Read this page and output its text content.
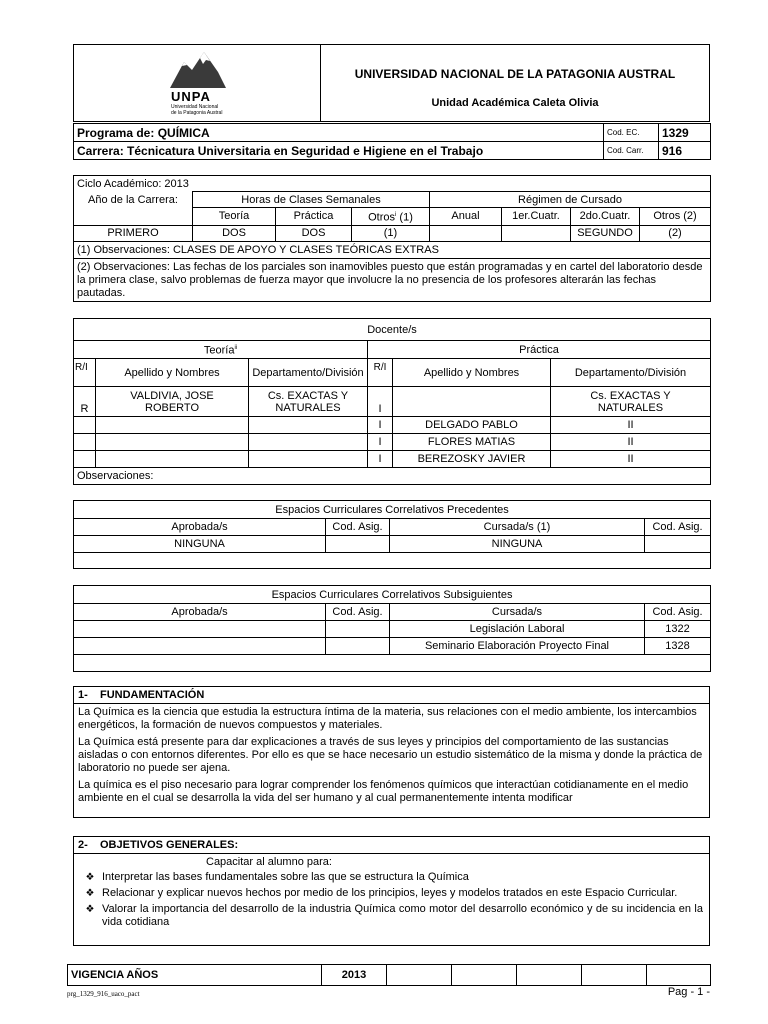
UNPA
Universidad Nacional
de la Patagonia Austral
UNIVERSIDAD NACIONAL DE LA PATAGONIA AUSTRAL
Unidad Académica Caleta Olivia
Programa de: QUÍMICA	Cod. EC.	1329
Carrera: Técnicatura Universitaria en Seguridad e Higiene en el Trabajo	Cod. Carr.	916
Ciclo Académico: 2013							
Año de la Carrera:	Horas de Clases Semanales			Régimen de Cursado			
	Teoría	Práctica	Otros$^i$ (1)	Anual	1er.Cuatr.	2do.Cuatr.	Otros (2)
PRIMERO	DOS	DOS	(1)			SEGUNDO	(2)
(1) Observaciones: CLASES DE APOYO Y CLASES TEÓRICAS EXTRAS							
(2) Observaciones: Las fechas de los parciales son inamovibles puesto que están programadas y en cartel del laboratorio desde la primera clase, salvo problemas de fuerza mayor que involucre la no presencia de los profesores alterarán las fechas pautadas.							
Docente/s					
Teoría$^{ii}$			Práctica		
R/I	Apellido y Nombres	Departamento/División	R/I	Apellido y Nombres	Departamento/División
R	VALDIVIA, JOSE ROBERTO	Cs. EXACTAS Y NATURALES	I		Cs. EXACTAS Y NATURALES
			I	DELGADO PABLO	II
			I	FLORES MATIAS	II
			I	BEREZOSKY JAVIER	II
Observaciones:					
Espacios Curriculares Correlativos Precedentes			
Aprobada/s	Cod. Asig.	Cursada/s (1)	Cod. Asig.
NINGUNA		NINGUNA	

Espacios Curriculares Correlativos Subsiguientes			
Aprobada/s	Cod. Asig.	Cursada/s	Cod. Asig.
		Legislación Laboral	1322
		Seminario Elaboración Proyecto Final	1328

1-    FUNDAMENTACIÓN

La Química es la ciencia que estudia la estructura íntima de la materia, sus relaciones con el medio ambiente, los intercambios energéticos, la formación de nuevos compuestos y materiales.

La Química está presente para dar explicaciones a través de sus leyes y principios del comportamiento de las sustancias aisladas o con entornos diferentes. Por ello es que se hace necesario un estudio sistemático de la misma y donde la práctica de laboratorio no puede ser ajena.

La química es el piso necesario para lograr comprender los fenómenos químicos que interactúan cotidianamente en el medio ambiente en el cual se desarrolla la vida del ser humano y al cual permanentemente intenta modificar

2-    OBJETIVOS GENERALES:
Capacitar al alumno para:
❖ Interpretar las bases fundamentales sobre las que se estructura la Química
❖ Relacionar y explicar nuevos hechos por medio de los principios, leyes y modelos tratados en este Espacio Curricular.
❖ Valorar la importancia del desarrollo de la industria Química como motor del desarrollo económico y de su incidencia en la vida cotidiana
VIGENCIA AÑOS	2013					
prg_1329_916_uaco_pact	Pag - 1 -
